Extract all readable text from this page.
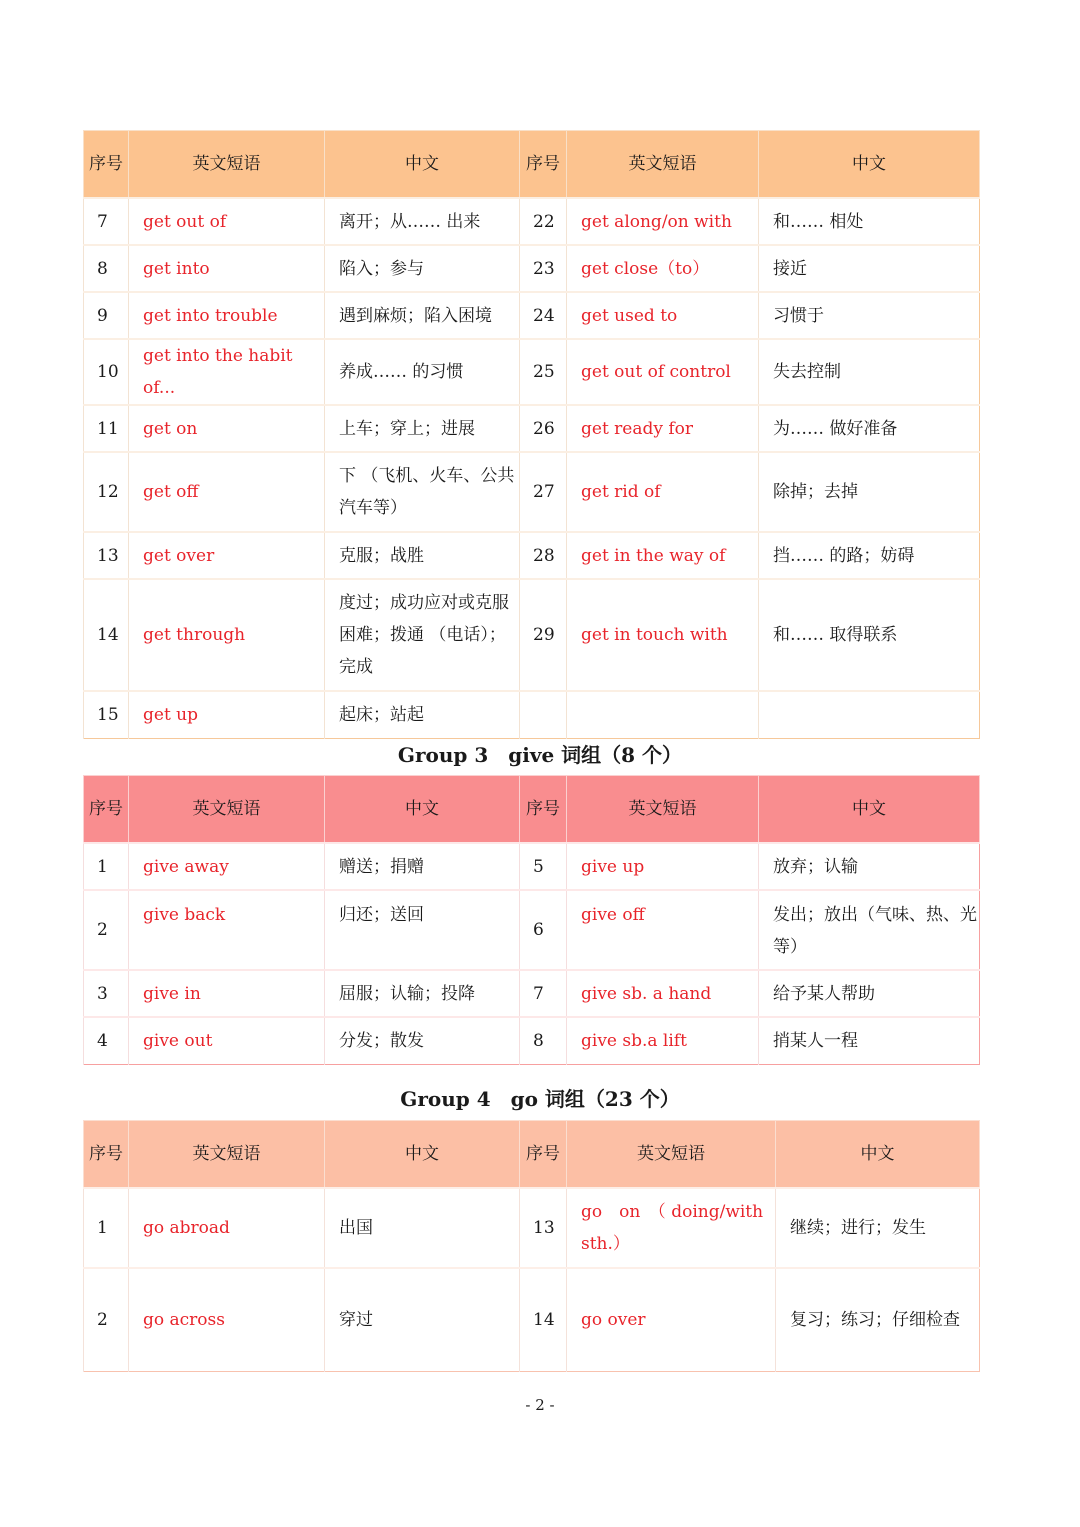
序号	英文短语	中文	序号	英文短语	中文
7	get out of	离开；从…… 出来	22	get along/on with	和…… 相处
8	get into	陷入；参与	23	get close（to）	接近
9	get into trouble	遇到麻烦；陷入困境	24	get used to	习惯于
10	get into the habit of...	养成…… 的习惯	25	get out of control	失去控制
11	get on	上车；穿上；进展	26	get ready for	为…… 做好准备
12	get off	下 （飞机、火车、公共汽车等）	27	get rid of	除掉；去掉
13	get over	克服；战胜	28	get in the way of	挡…… 的路；妨碍
14	get through	度过；成功应对或克服困难；拨通 （电话）；完成	29	get in touch with	和…… 取得联系
15	get up	起床；站起			
Group 3　give 词组（8 个）
序号	英文短语	中文	序号	英文短语	中文
1	give away	赠送；捐赠	5	give up	放弃；认输
2	give back	归还；送回	6	give off	发出；放出（气味、热、光等）
3	give in	屈服；认输；投降	7	give sb. a hand	给予某人帮助
4	give out	分发；散发	8	give sb.a lift	捎某人一程
Group 4　go 词组（23 个）
序号	英文短语	中文	序号	英文短语	中文
1	go abroad	出国	13	go　on　（ doing/with sth.）	继续；进行；发生
2	go across	穿过	14	go over	复习；练习；仔细检查
- 2 -
